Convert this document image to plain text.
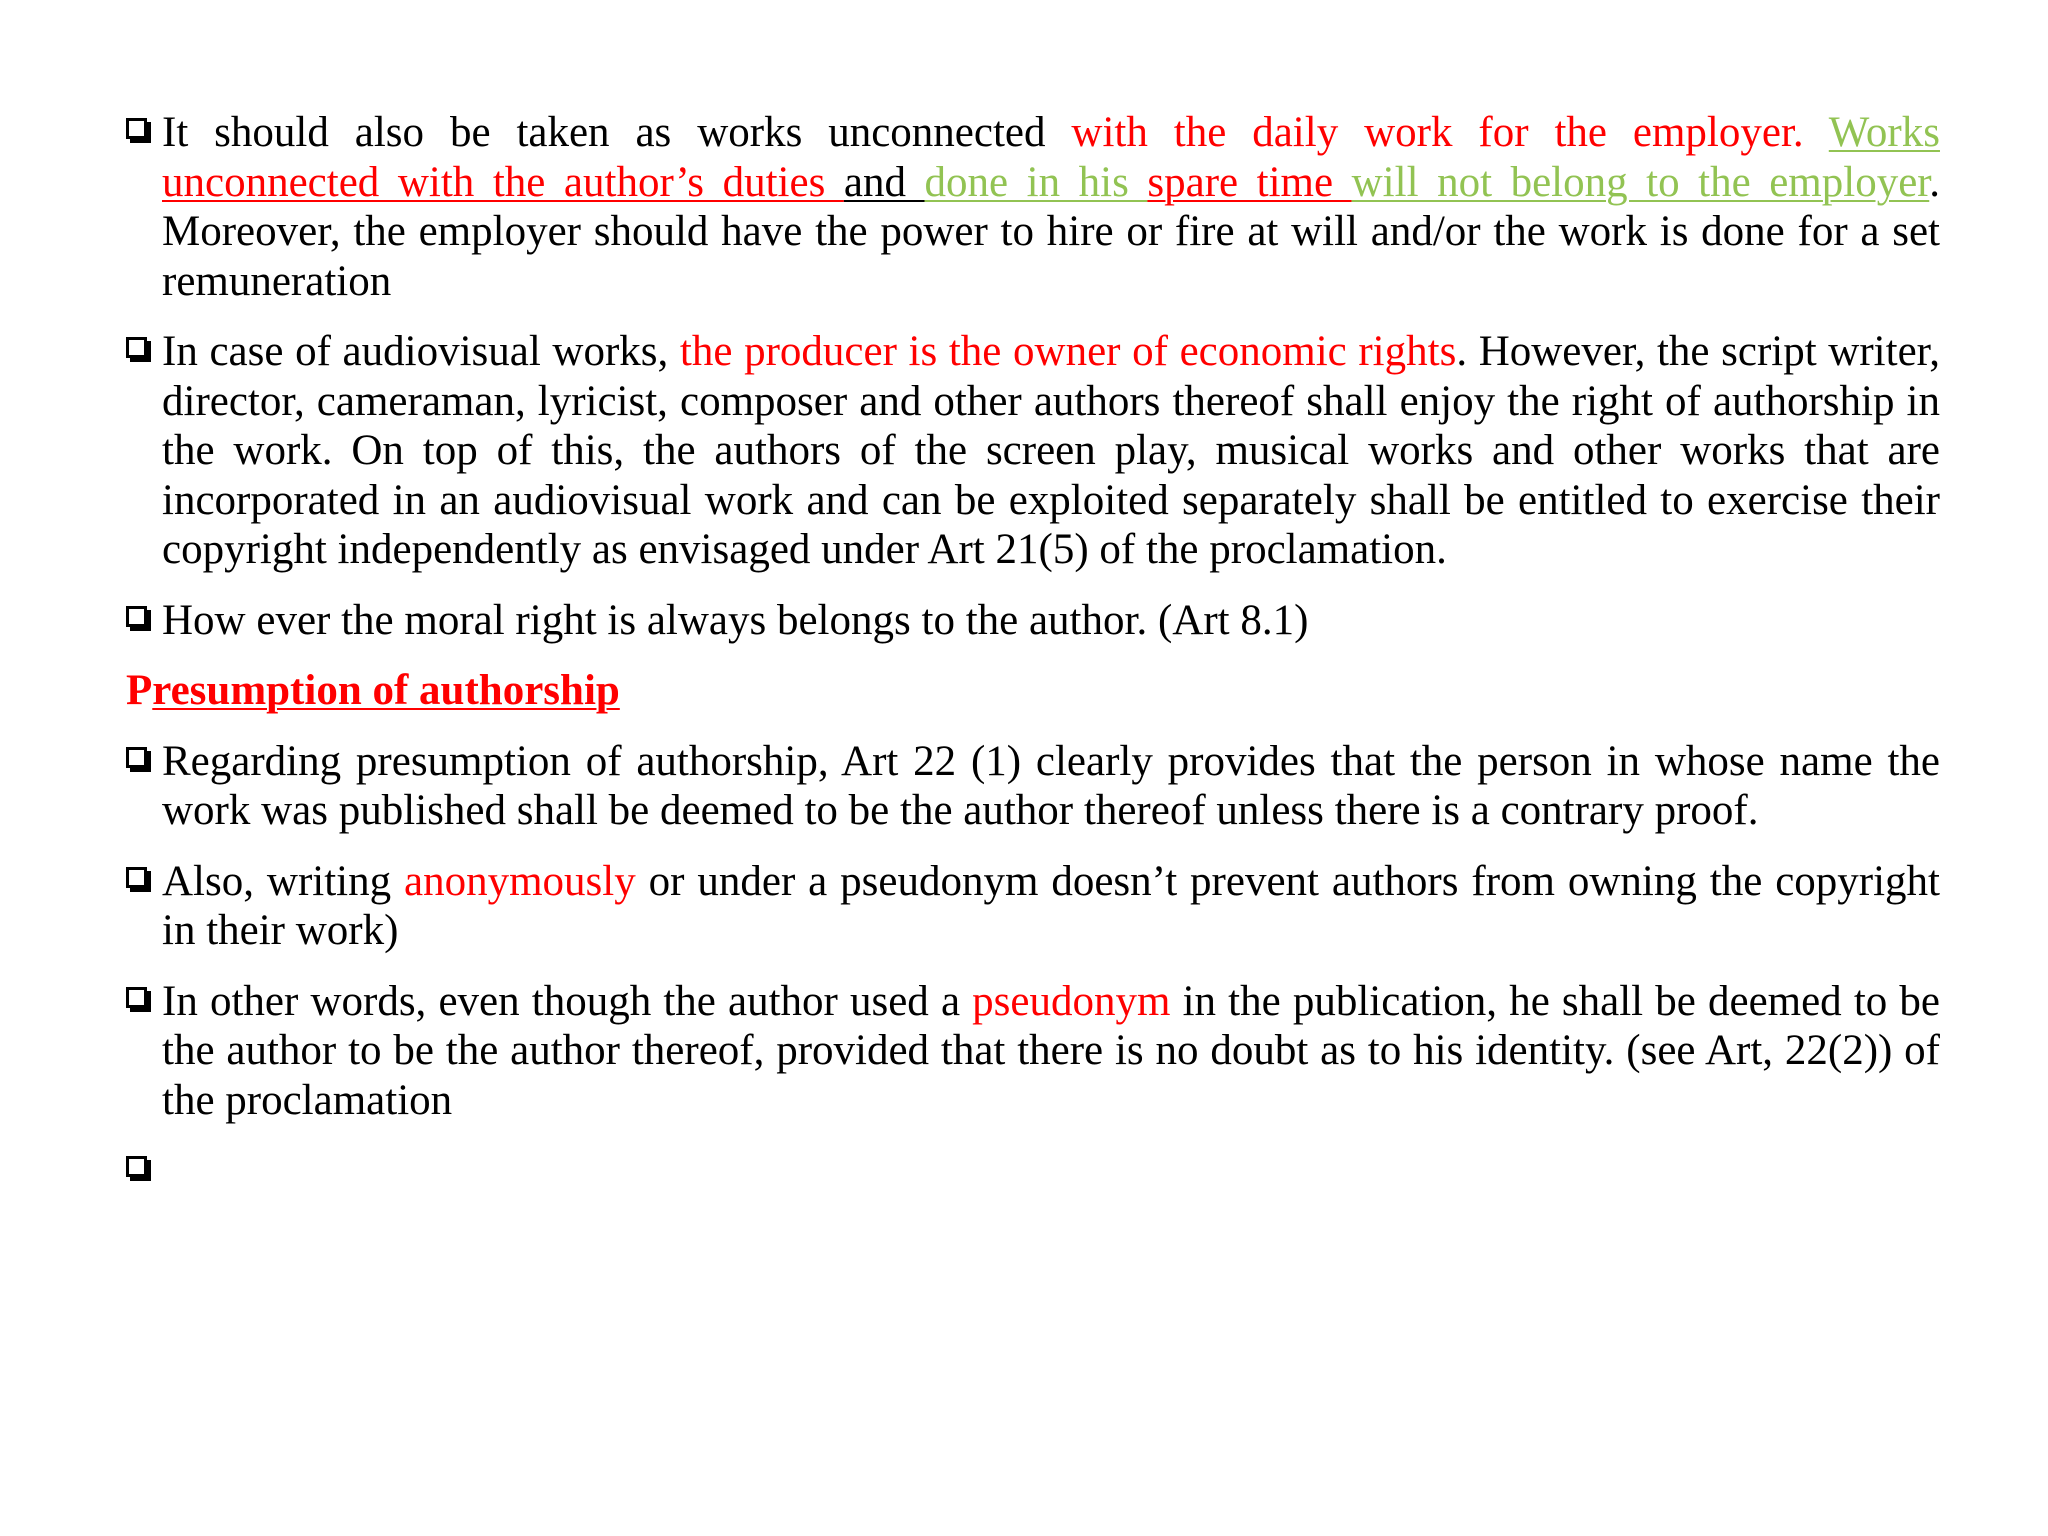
It should also be taken as works unconnected with the daily work for the employer. Works unconnected with the author’s duties and done in his spare time will not belong to the employer. Moreover, the employer should have the power to hire or fire at will and/or the work is done for a set remuneration

In case of audiovisual works, the producer is the owner of economic rights. However, the script writer, director, cameraman, lyricist, composer and other authors thereof shall enjoy the right of authorship in the work. On top of this, the authors of the screen play, musical works and other works that are incorporated in an audiovisual work and can be exploited separately shall be entitled to exercise their copyright independently as envisaged under Art 21(5) of the proclamation.

How ever the moral right is always belongs to the author. (Art 8.1)

Presumption of authorship

Regarding presumption of authorship, Art 22 (1) clearly provides that the person in whose name the work was published shall be deemed to be the author thereof unless there is a contrary proof.

Also, writing anonymously or under a pseudonym doesn’t prevent authors from owning the copyright in their work)

In other words, even though the author used a pseudonym in the publication, he shall be deemed to be the author to be the author thereof, provided that there is no doubt as to his identity. (see Art, 22(2)) of the proclamation
